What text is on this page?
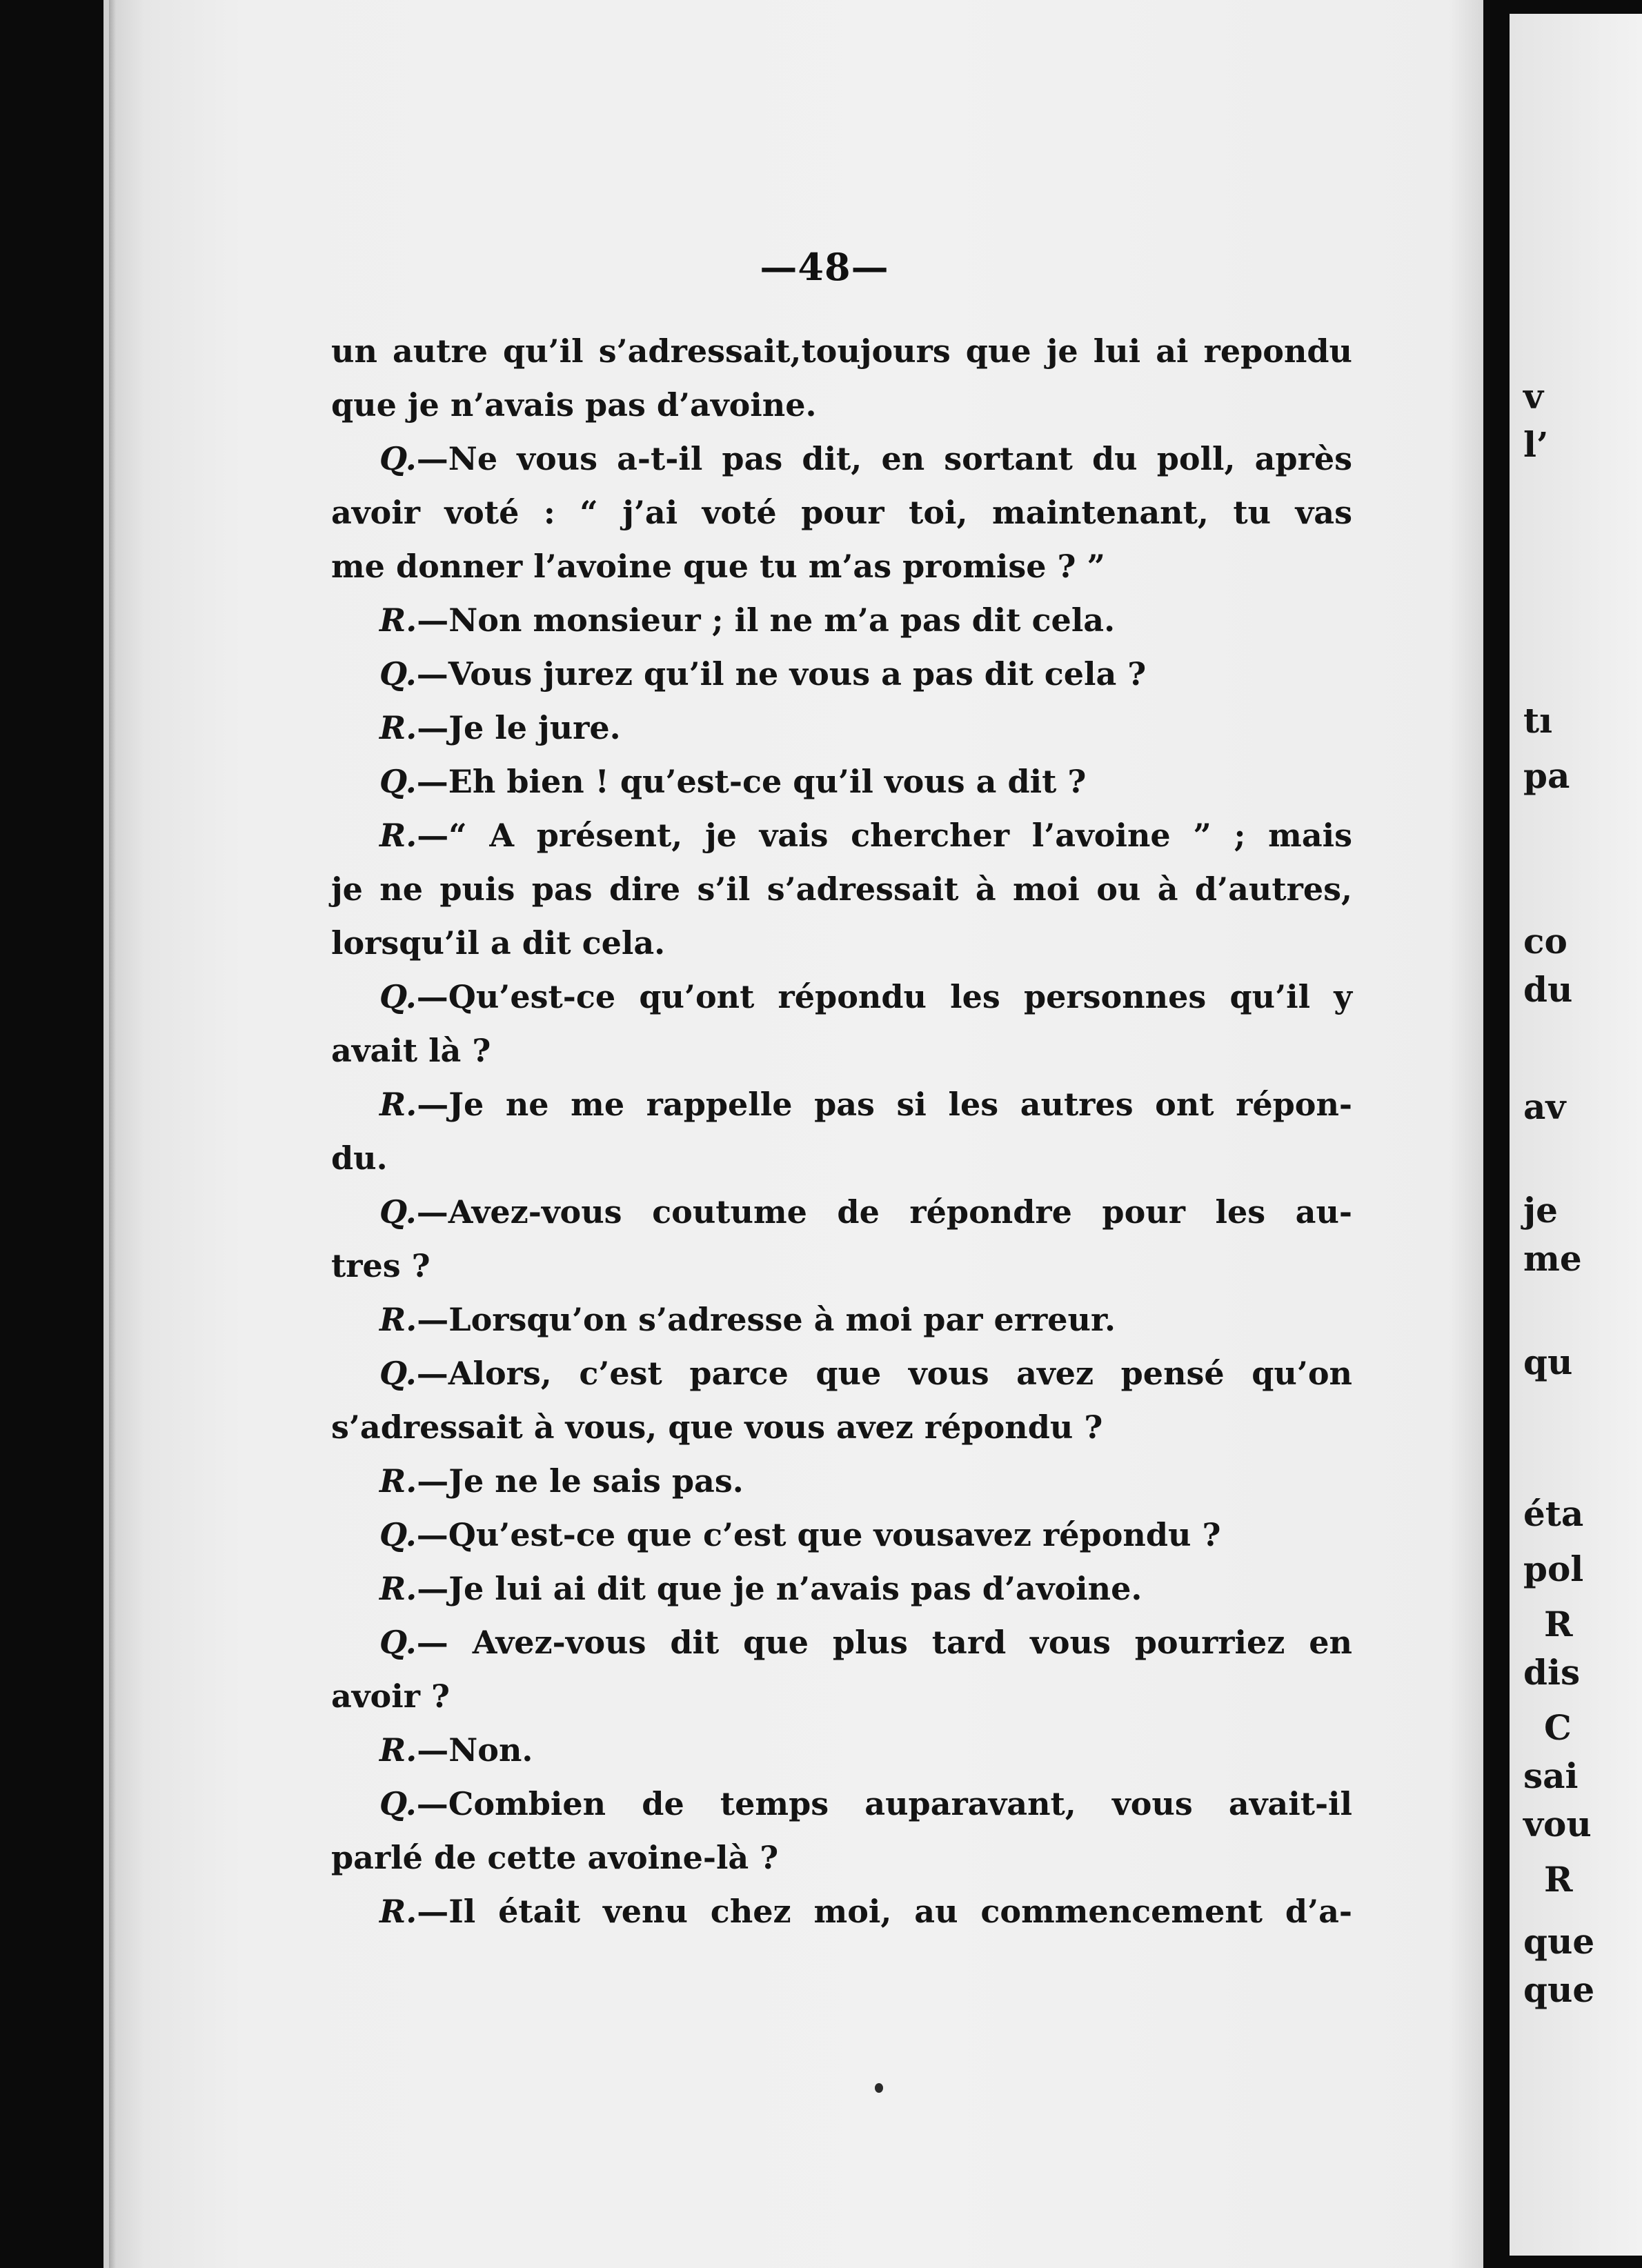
—48—
un autre qu’il s’adressait,toujours que je lui ai repondu
que je n’avais pas d’avoine.
Q.—Ne vous a-t-il pas dit, en sortant du poll, après
avoir voté : “ j’ai voté pour toi, maintenant, tu vas
me donner l’avoine que tu m’as promise ? ”
R.—Non monsieur ; il ne m’a pas dit cela.
Q.—Vous jurez qu’il ne vous a pas dit cela ?
R.—Je le jure.
Q.—Eh bien ! qu’est-ce qu’il vous a dit ?
R.—“ A présent, je vais chercher l’avoine ” ; mais
je ne puis pas dire s’il s’adressait à moi ou à d’autres,
lorsqu’il a dit cela.
Q.—Qu’est-ce qu’ont répondu les personnes qu’il y
avait là ?
R.—Je ne me rappelle pas si les autres ont répon-
du.
Q.—Avez-vous coutume de répondre pour les au-
tres ?
R.—Lorsqu’on s’adresse à moi par erreur.
Q.—Alors, c’est parce que vous avez pensé qu’on
s’adressait à vous, que vous avez répondu ?
R.—Je ne le sais pas.
Q.—Qu’est-ce que c’est que vousavez répondu ?
R.—Je lui ai dit que je n’avais pas d’avoine.
Q.— Avez-vous dit que plus tard vous pourriez en
avoir ?
R.—Non.
Q.—Combien de temps auparavant, vous avait-il
parlé de cette avoine-là ?
R.—Il était venu chez moi, au commencement d’a-
v
l’
tı
pa
co
du
av
je
me
qu
éta
pol
R
dis
C
sai
vou
R
que
que
